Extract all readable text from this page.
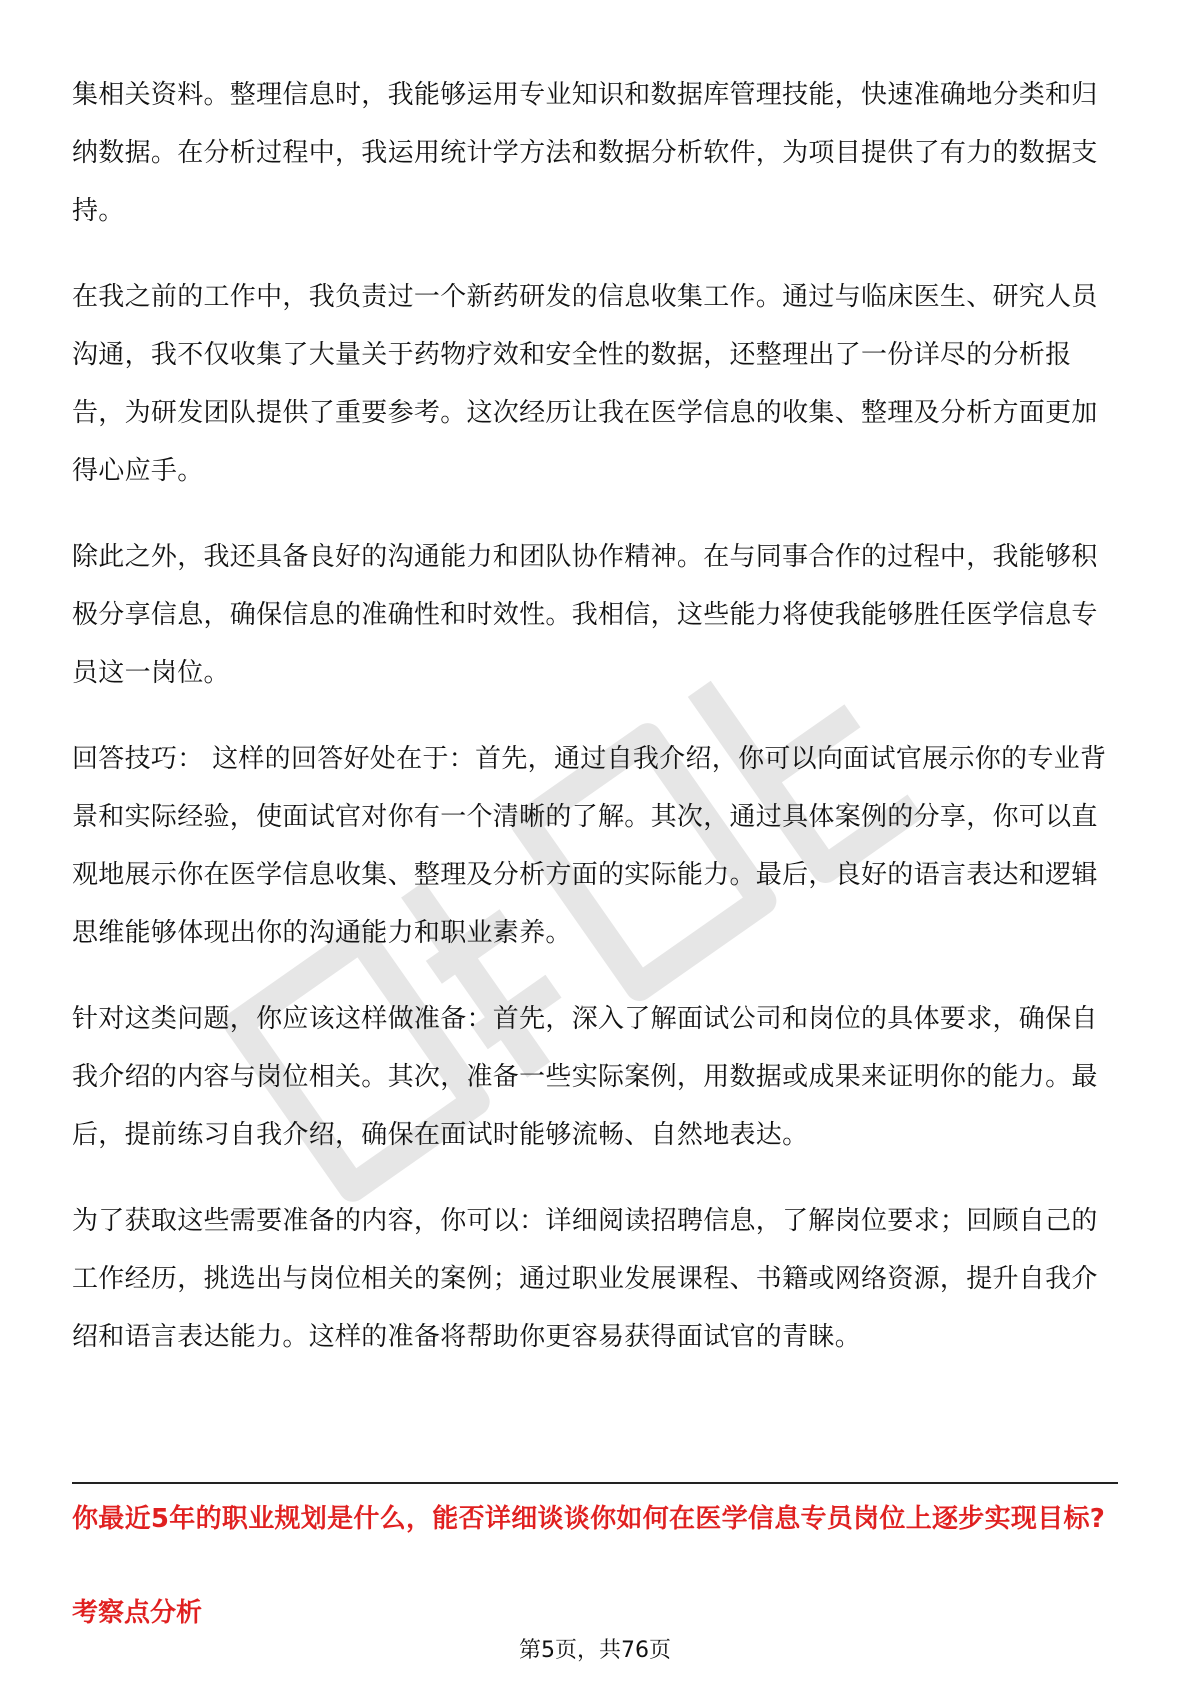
集相关资料。整理信息时，我能够运用专业知识和数据库管理技能，快速准确地分类和归纳数据。在分析过程中，我运用统计学方法和数据分析软件，为项目提供了有力的数据支持。

在我之前的工作中，我负责过一个新药研发的信息收集工作。通过与临床医生、研究人员沟通，我不仅收集了大量关于药物疗效和安全性的数据，还整理出了一份详尽的分析报告，为研发团队提供了重要参考。这次经历让我在医学信息的收集、整理及分析方面更加得心应手。

除此之外，我还具备良好的沟通能力和团队协作精神。在与同事合作的过程中，我能够积极分享信息，确保信息的准确性和时效性。我相信，这些能力将使我能够胜任医学信息专员这一岗位。

回答技巧： 这样的回答好处在于：首先，通过自我介绍，你可以向面试官展示你的专业背景和实际经验，使面试官对你有一个清晰的了解。其次，通过具体案例的分享，你可以直观地展示你在医学信息收集、整理及分析方面的实际能力。最后，良好的语言表达和逻辑思维能够体现出你的沟通能力和职业素养。

针对这类问题，你应该这样做准备：首先，深入了解面试公司和岗位的具体要求，确保自我介绍的内容与岗位相关。其次，准备一些实际案例，用数据或成果来证明你的能力。最后，提前练习自我介绍，确保在面试时能够流畅、自然地表达。

为了获取这些需要准备的内容，你可以：详细阅读招聘信息，了解岗位要求；回顾自己的工作经历，挑选出与岗位相关的案例；通过职业发展课程、书籍或网络资源，提升自我介绍和语言表达能力。这样的准备将帮助你更容易获得面试官的青睐。

你最近5年的职业规划是什么，能否详细谈谈你如何在医学信息专员岗位上逐步实现目标?
考察点分析
第5页，共76页
